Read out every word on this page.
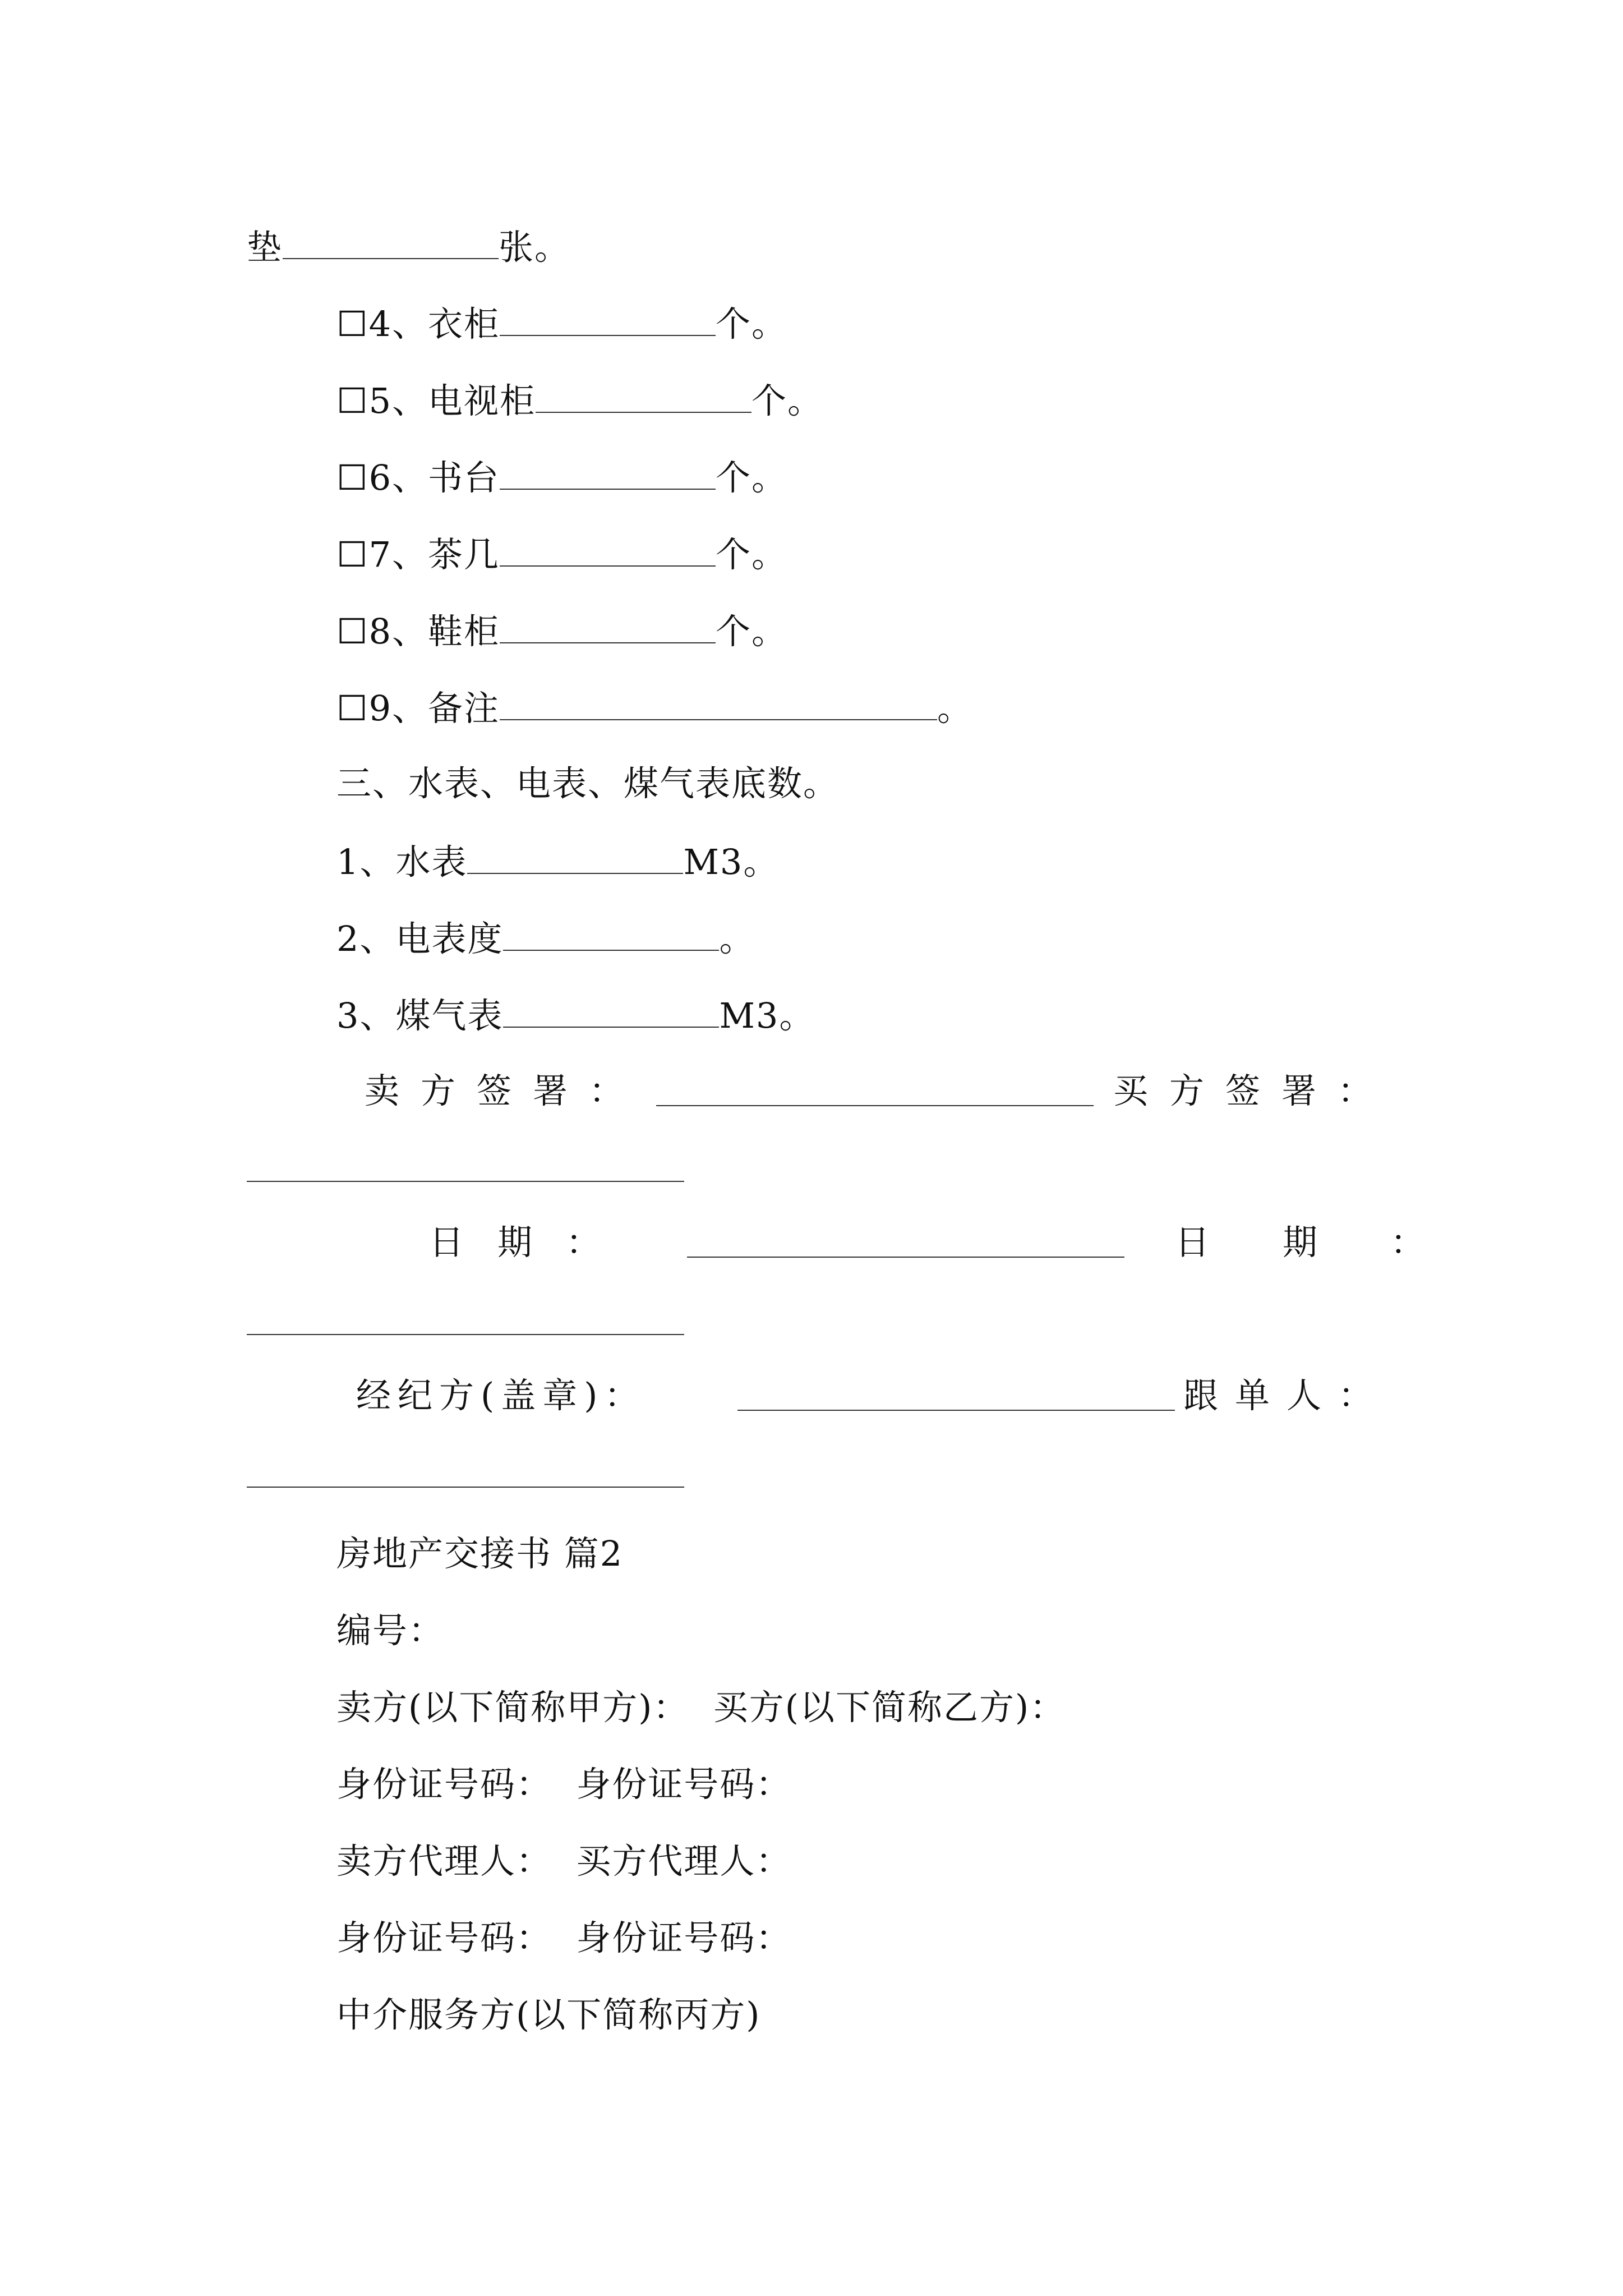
垫	张。
☐4、衣柜	个。
☐5、电视柜	个。
☐6、书台	个。
☐7、茶几	个。
☐8、鞋柜	个。
☐9、备注	。
三、水表、电表、煤气表底数。
1、水表	M3。
2、电表度	。
3、煤气表	M3。
卖方签署：	买方签署：
日期：	日期：
经纪方(盖章)：	跟单人：
房地产交接书 篇2
编号：
卖方(以下简称甲方)：  买方(以下简称乙方)：
身份证号码：  身份证号码：
卖方代理人：  买方代理人：
身份证号码：  身份证号码：
中介服务方(以下简称丙方)
